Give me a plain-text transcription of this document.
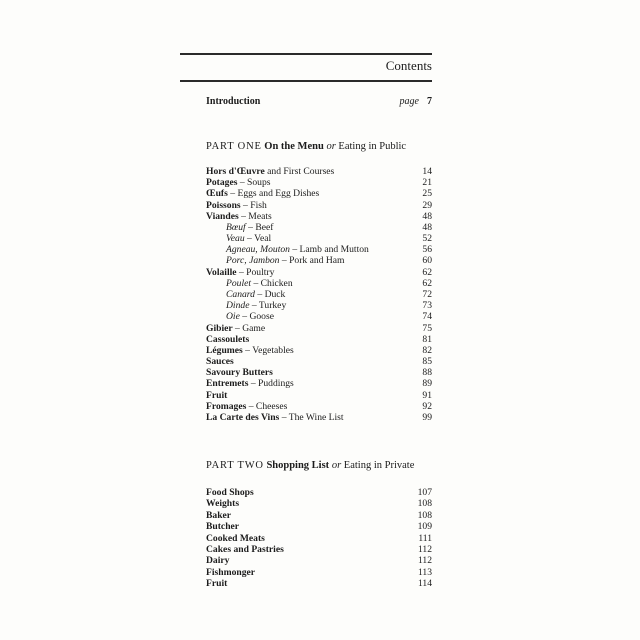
Contents
Introduction	page 7
PART ONE On the Menu or Eating in Public
Hors d'Œuvre and First Courses	14
Potages – Soups	21
Œufs – Eggs and Egg Dishes	25
Poissons – Fish	29
Viandes – Meats	48
Bœuf – Beef	48
Veau – Veal	52
Agneau, Mouton – Lamb and Mutton	56
Porc, Jambon – Pork and Ham	60
Volaille – Poultry	62
Poulet – Chicken	62
Canard – Duck	72
Dinde – Turkey	73
Oie – Goose	74
Gibier – Game	75
Cassoulets	81
Légumes – Vegetables	82
Sauces	85
Savoury Butters	88
Entremets – Puddings	89
Fruit	91
Fromages – Cheeses	92
La Carte des Vins – The Wine List	99
PART TWO Shopping List or Eating in Private
Food Shops	107
Weights	108
Baker	108
Butcher	109
Cooked Meats	111
Cakes and Pastries	112
Dairy	112
Fishmonger	113
Fruit	114
